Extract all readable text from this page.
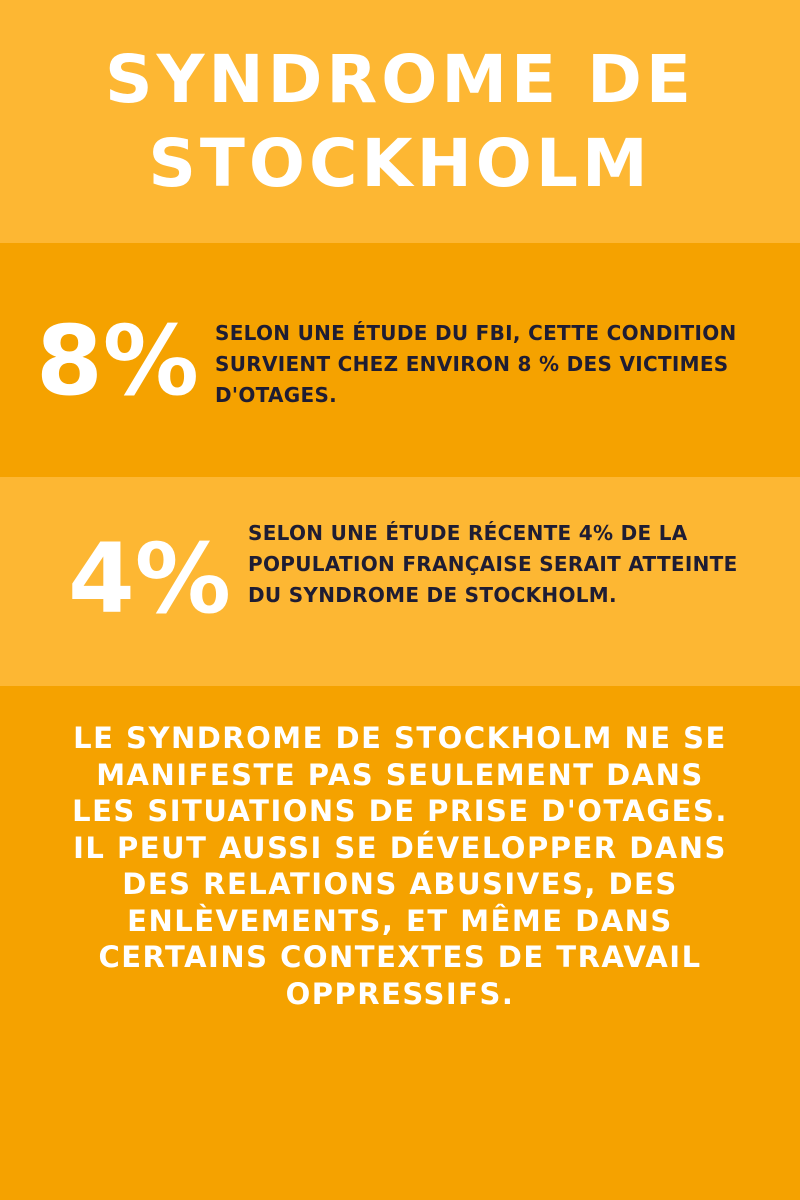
SYNDROME DE
STOCKHOLM
8% SELON UNE ÉTUDE DU FBI, CETTE CONDITION SURVIENT CHEZ ENVIRON 8 % DES VICTIMES D'OTAGES.

4% SELON UNE ÉTUDE RÉCENTE 4% DE LA POPULATION FRANÇAISE SERAIT ATTEINTE DU SYNDROME DE STOCKHOLM.

LE SYNDROME DE STOCKHOLM NE SE MANIFESTE PAS SEULEMENT DANS LES SITUATIONS DE PRISE D'OTAGES. IL PEUT AUSSI SE DÉVELOPPER DANS DES RELATIONS ABUSIVES, DES ENLÈVEMENTS, ET MÊME DANS CERTAINS CONTEXTES DE TRAVAIL OPPRESSIFS.
